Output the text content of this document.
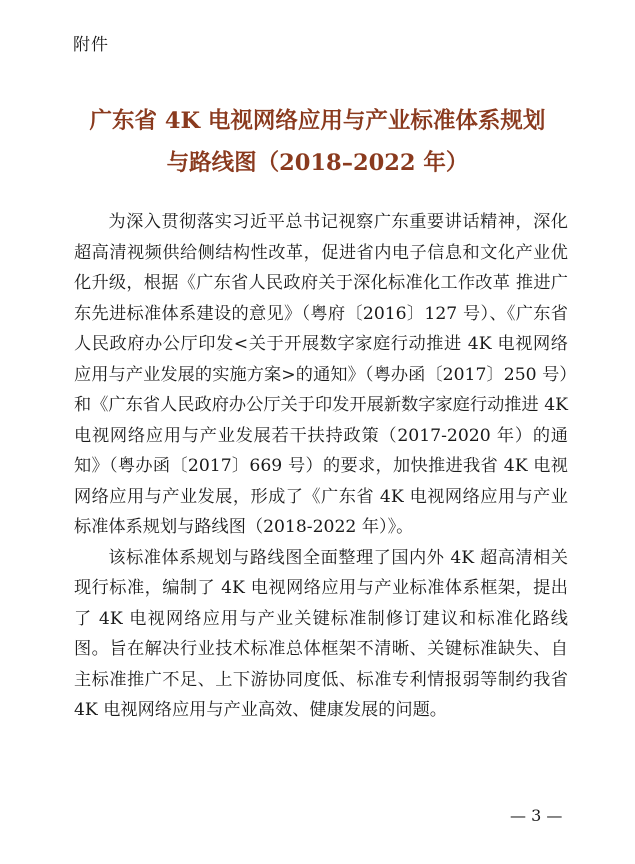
附件
广东省 4K 电视网络应用与产业标准体系规划
与路线图（2018–2022 年）

为深入贯彻落实习近平总书记视察广东重要讲话精神，深化超高清视频供给侧结构性改革，促进省内电子信息和文化产业优化升级，根据《广东省人民政府关于深化标准化工作改革 推进广东先进标准体系建设的意见》（粤府〔2016〕127 号）、《广东省人民政府办公厅印发<关于开展数字家庭行动推进 4K 电视网络应用与产业发展的实施方案>的通知》（粤办函〔2017〕250 号）和《广东省人民政府办公厅关于印发开展新数字家庭行动推进 4K 电视网络应用与产业发展若干扶持政策（2017-2020 年）的通知》（粤办函〔2017〕669 号）的要求，加快推进我省 4K 电视网络应用与产业发展，形成了《广东省 4K 电视网络应用与产业标准体系规划与路线图（2018-2022 年）》。

该标准体系规划与路线图全面整理了国内外 4K 超高清相关现行标准，编制了 4K 电视网络应用与产业标准体系框架，提出了 4K 电视网络应用与产业关键标准制修订建议和标准化路线图。旨在解决行业技术标准总体框架不清晰、关键标准缺失、自主标准推广不足、上下游协同度低、标准专利情报弱等制约我省 4K 电视网络应用与产业高效、健康发展的问题。

— 3 —
